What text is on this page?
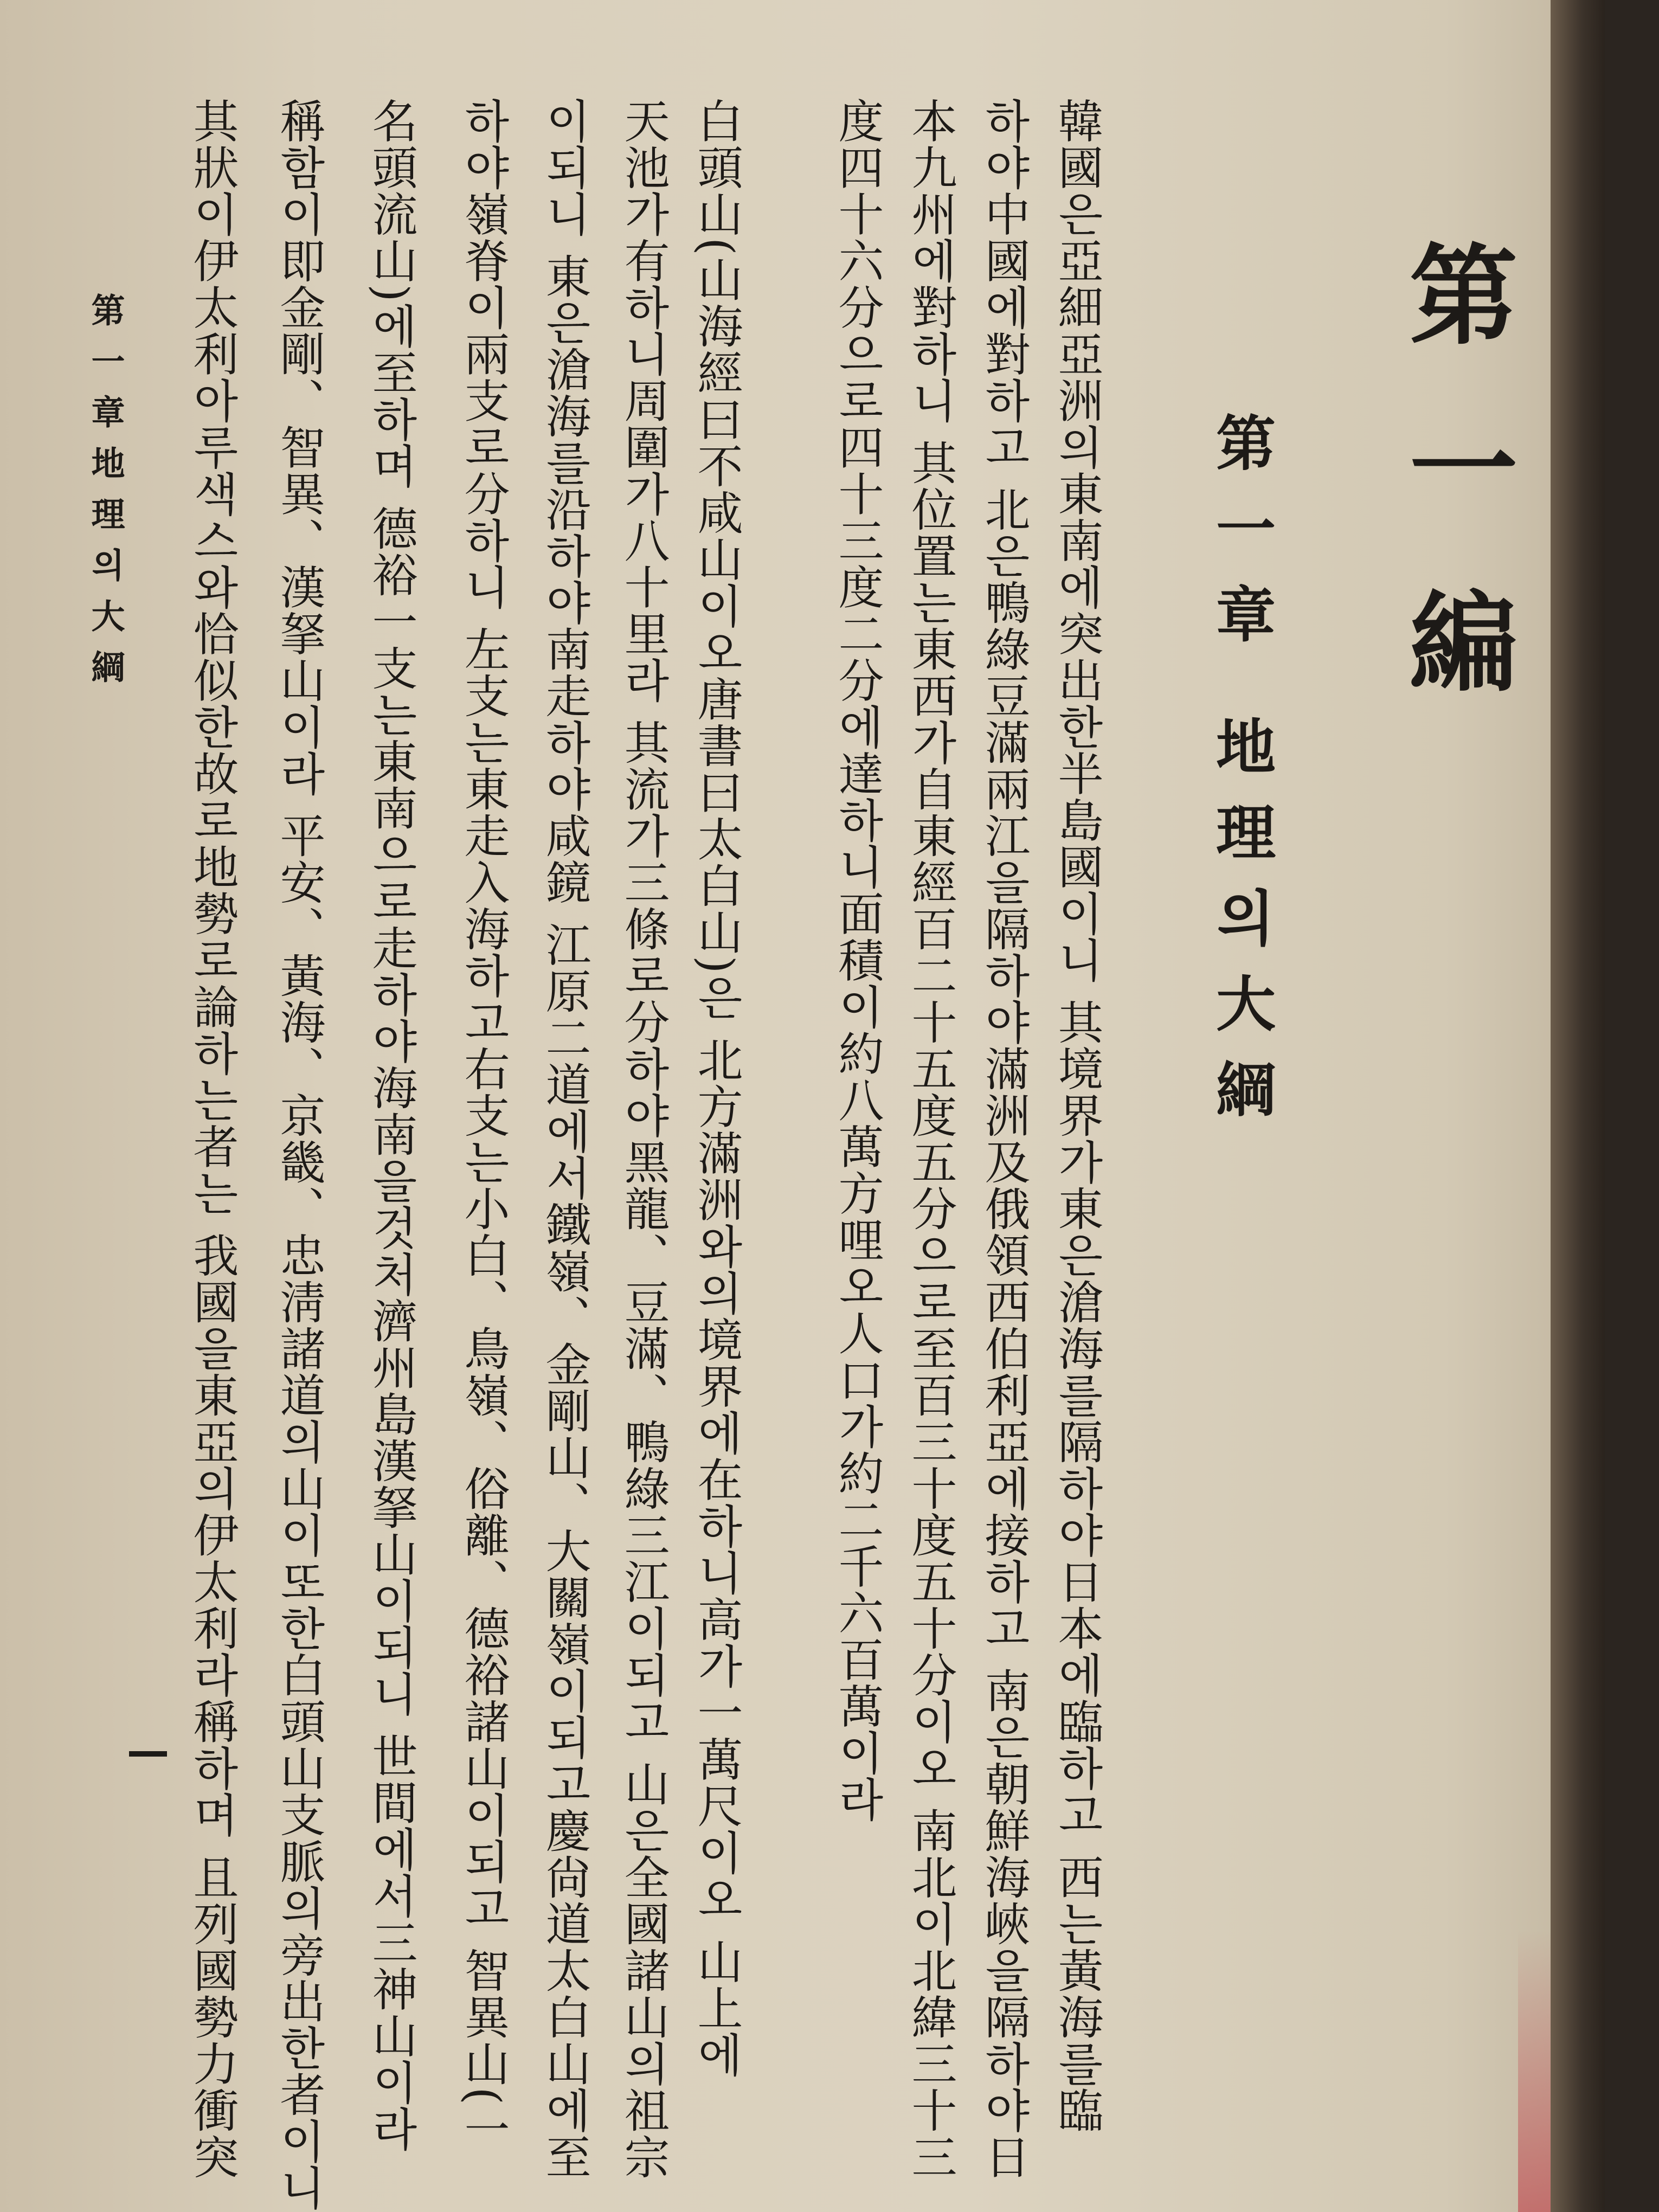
第一編
第一章 地理의大綱
韓國은亞細亞洲의東南에突出한半島國이니 其境界가東은滄海를隔하야日本에臨하고 西는黃海를臨
하야中國에對하고 北은鴨綠豆滿兩江을隔하야滿洲及俄領西伯利亞에接하고 南은朝鮮海峽을隔하야日
本九州에對하니 其位置는東西가自東經百二十五度五分으로至百三十度五十分이오 南北이北緯三十三
度四十六分으로四十三度二分에達하니面積이約八萬方哩오人口가約二千六百萬이라
白頭山(山海經曰不咸山이오唐書曰太白山)은 北方滿洲와의境界에在하니高가一萬尺이오 山上에
天池가有하니周圍가八十里라 其流가三條로分하야黑龍、豆滿、鴨綠三江이되고 山은全國諸山의祖宗
이되니 東은滄海를沿하야南走하야咸鏡 江原二道에서鐵嶺、金剛山、大關嶺이되고慶尙道太白山에至
하야嶺脊이兩支로分하니 左支는東走入海하고右支는小白、鳥嶺、俗離、德裕諸山이되고 智異山(一
名頭流山)에至하며 德裕一支는東南으로走하야海南을것처濟州島漢拏山이되니 世間에서三神山이라
稱함이即金剛、智異、漢拏山이라 平安、黃海、京畿、忠淸諸道의山이또한白頭山支脈의旁出한者이니
其狀이伊太利아루색스와恰似한故로地勢로論하는者는 我國을東亞의伊太利라稱하며 且列國勢力衝突
第一章地理의大綱
